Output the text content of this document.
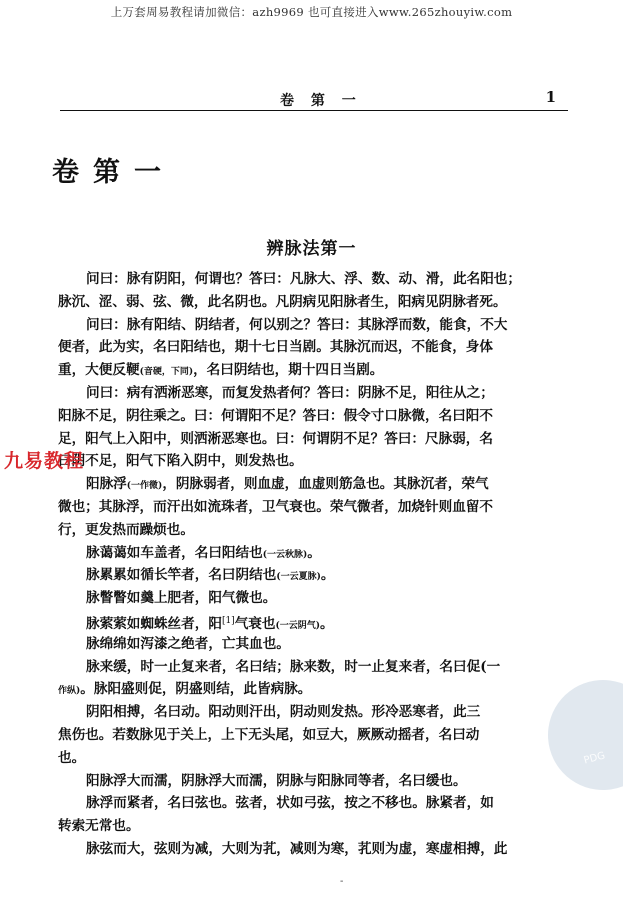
上万套周易教程请加微信：azh9969 也可直接进入www.265zhouyiw.com
卷 第 一	1
卷第一
辨脉法第一
问曰：脉有阴阳，何谓也？答曰：凡脉大、浮、数、动、滑，此名阳也；
脉沉、涩、弱、弦、微，此名阴也。凡阴病见阳脉者生，阳病见阴脉者死。
问曰：脉有阳结、阴结者，何以别之？答曰：其脉浮而数，能食，不大
便者，此为实，名曰阳结也，期十七日当剧。其脉沉而迟，不能食，身体
重，大便反鞕(音硬，下同)，名曰阴结也，期十四日当剧。
问曰：病有洒淅恶寒，而复发热者何？答曰：阴脉不足，阳往从之；
阳脉不足，阴往乘之。曰：何谓阳不足？答曰：假令寸口脉微，名曰阳不
足，阳气上入阳中，则洒淅恶寒也。曰：何谓阴不足？答曰：尺脉弱，名
曰阴不足，阳气下陷入阴中，则发热也。
阳脉浮(一作微)，阴脉弱者，则血虚，血虚则筋急也。其脉沉者，荣气
微也；其脉浮，而汗出如流珠者，卫气衰也。荣气微者，加烧针则血留不
行，更发热而躁烦也。
脉蔼蔼如车盖者，名曰阳结也(一云秋脉)。
脉累累如循长竿者，名曰阴结也(一云夏脉)。
脉瞥瞥如羹上肥者，阳气微也。
脉萦萦如蜘蛛丝者，阳[1]气衰也(一云阴气)。
脉绵绵如泻漆之绝者，亡其血也。
脉来缓，时一止复来者，名曰结；脉来数，时一止复来者，名曰促(一
作纵)。脉阳盛则促，阴盛则结，此皆病脉。
阴阳相搏，名曰动。阳动则汗出，阴动则发热。形冷恶寒者，此三
焦伤也。若数脉见于关上，上下无头尾，如豆大，厥厥动摇者，名曰动
也。
阳脉浮大而濡，阴脉浮大而濡，阴脉与阳脉同等者，名曰缓也。
脉浮而紧者，名曰弦也。弦者，状如弓弦，按之不移也。脉紧者，如
转索无常也。
脉弦而大，弦则为减，大则为芤，减则为寒，芤则为虚，寒虚相搏，此
九易教程
PDG
-
